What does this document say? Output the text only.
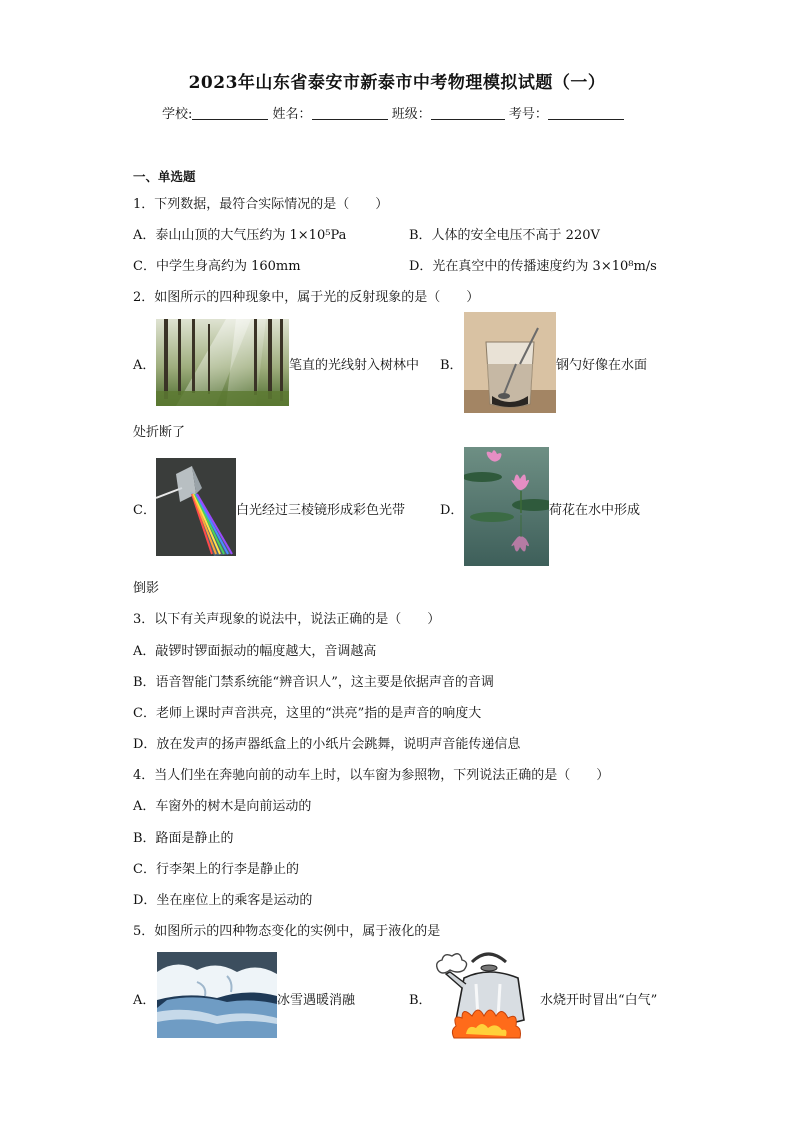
2023年山东省泰安市新泰市中考物理模拟试题（一）
学校:	姓名：	班级：	考号：
一、单选题
1．下列数据，最符合实际情况的是（　　）
A．泰山山顶的大气压约为 1×10⁵Pa	B．人体的安全电压不高于 220V
C．中学生身高约为 160mm	D．光在真空中的传播速度约为 3×10⁸m/s
2．如图所示的四种现象中，属于光的反射现象的是（　　）
A．	笔直的光线射入树林中 B．	钢勺好像在水面
处折断了
C．	白光经过三棱镜形成彩色光带	D．	荷花在水中形成
倒影
3．以下有关声现象的说法中，说法正确的是（　　）
A．敲锣时锣面振动的幅度越大，音调越高
B．语音智能门禁系统能“辨音识人”，这主要是依据声音的音调
C．老师上课时声音洪亮，这里的“洪亮”指的是声音的响度大
D．放在发声的扬声器纸盒上的小纸片会跳舞，说明声音能传递信息
4．当人们坐在奔驰向前的动车上时，以车窗为参照物，下列说法正确的是（　　）
A．车窗外的树木是向前运动的
B．路面是静止的
C．行李架上的行李是静止的
D．坐在座位上的乘客是运动的
5．如图所示的四种物态变化的实例中，属于液化的是
A．	冰雪遇暖消融	B．	水烧开时冒出“白气”
